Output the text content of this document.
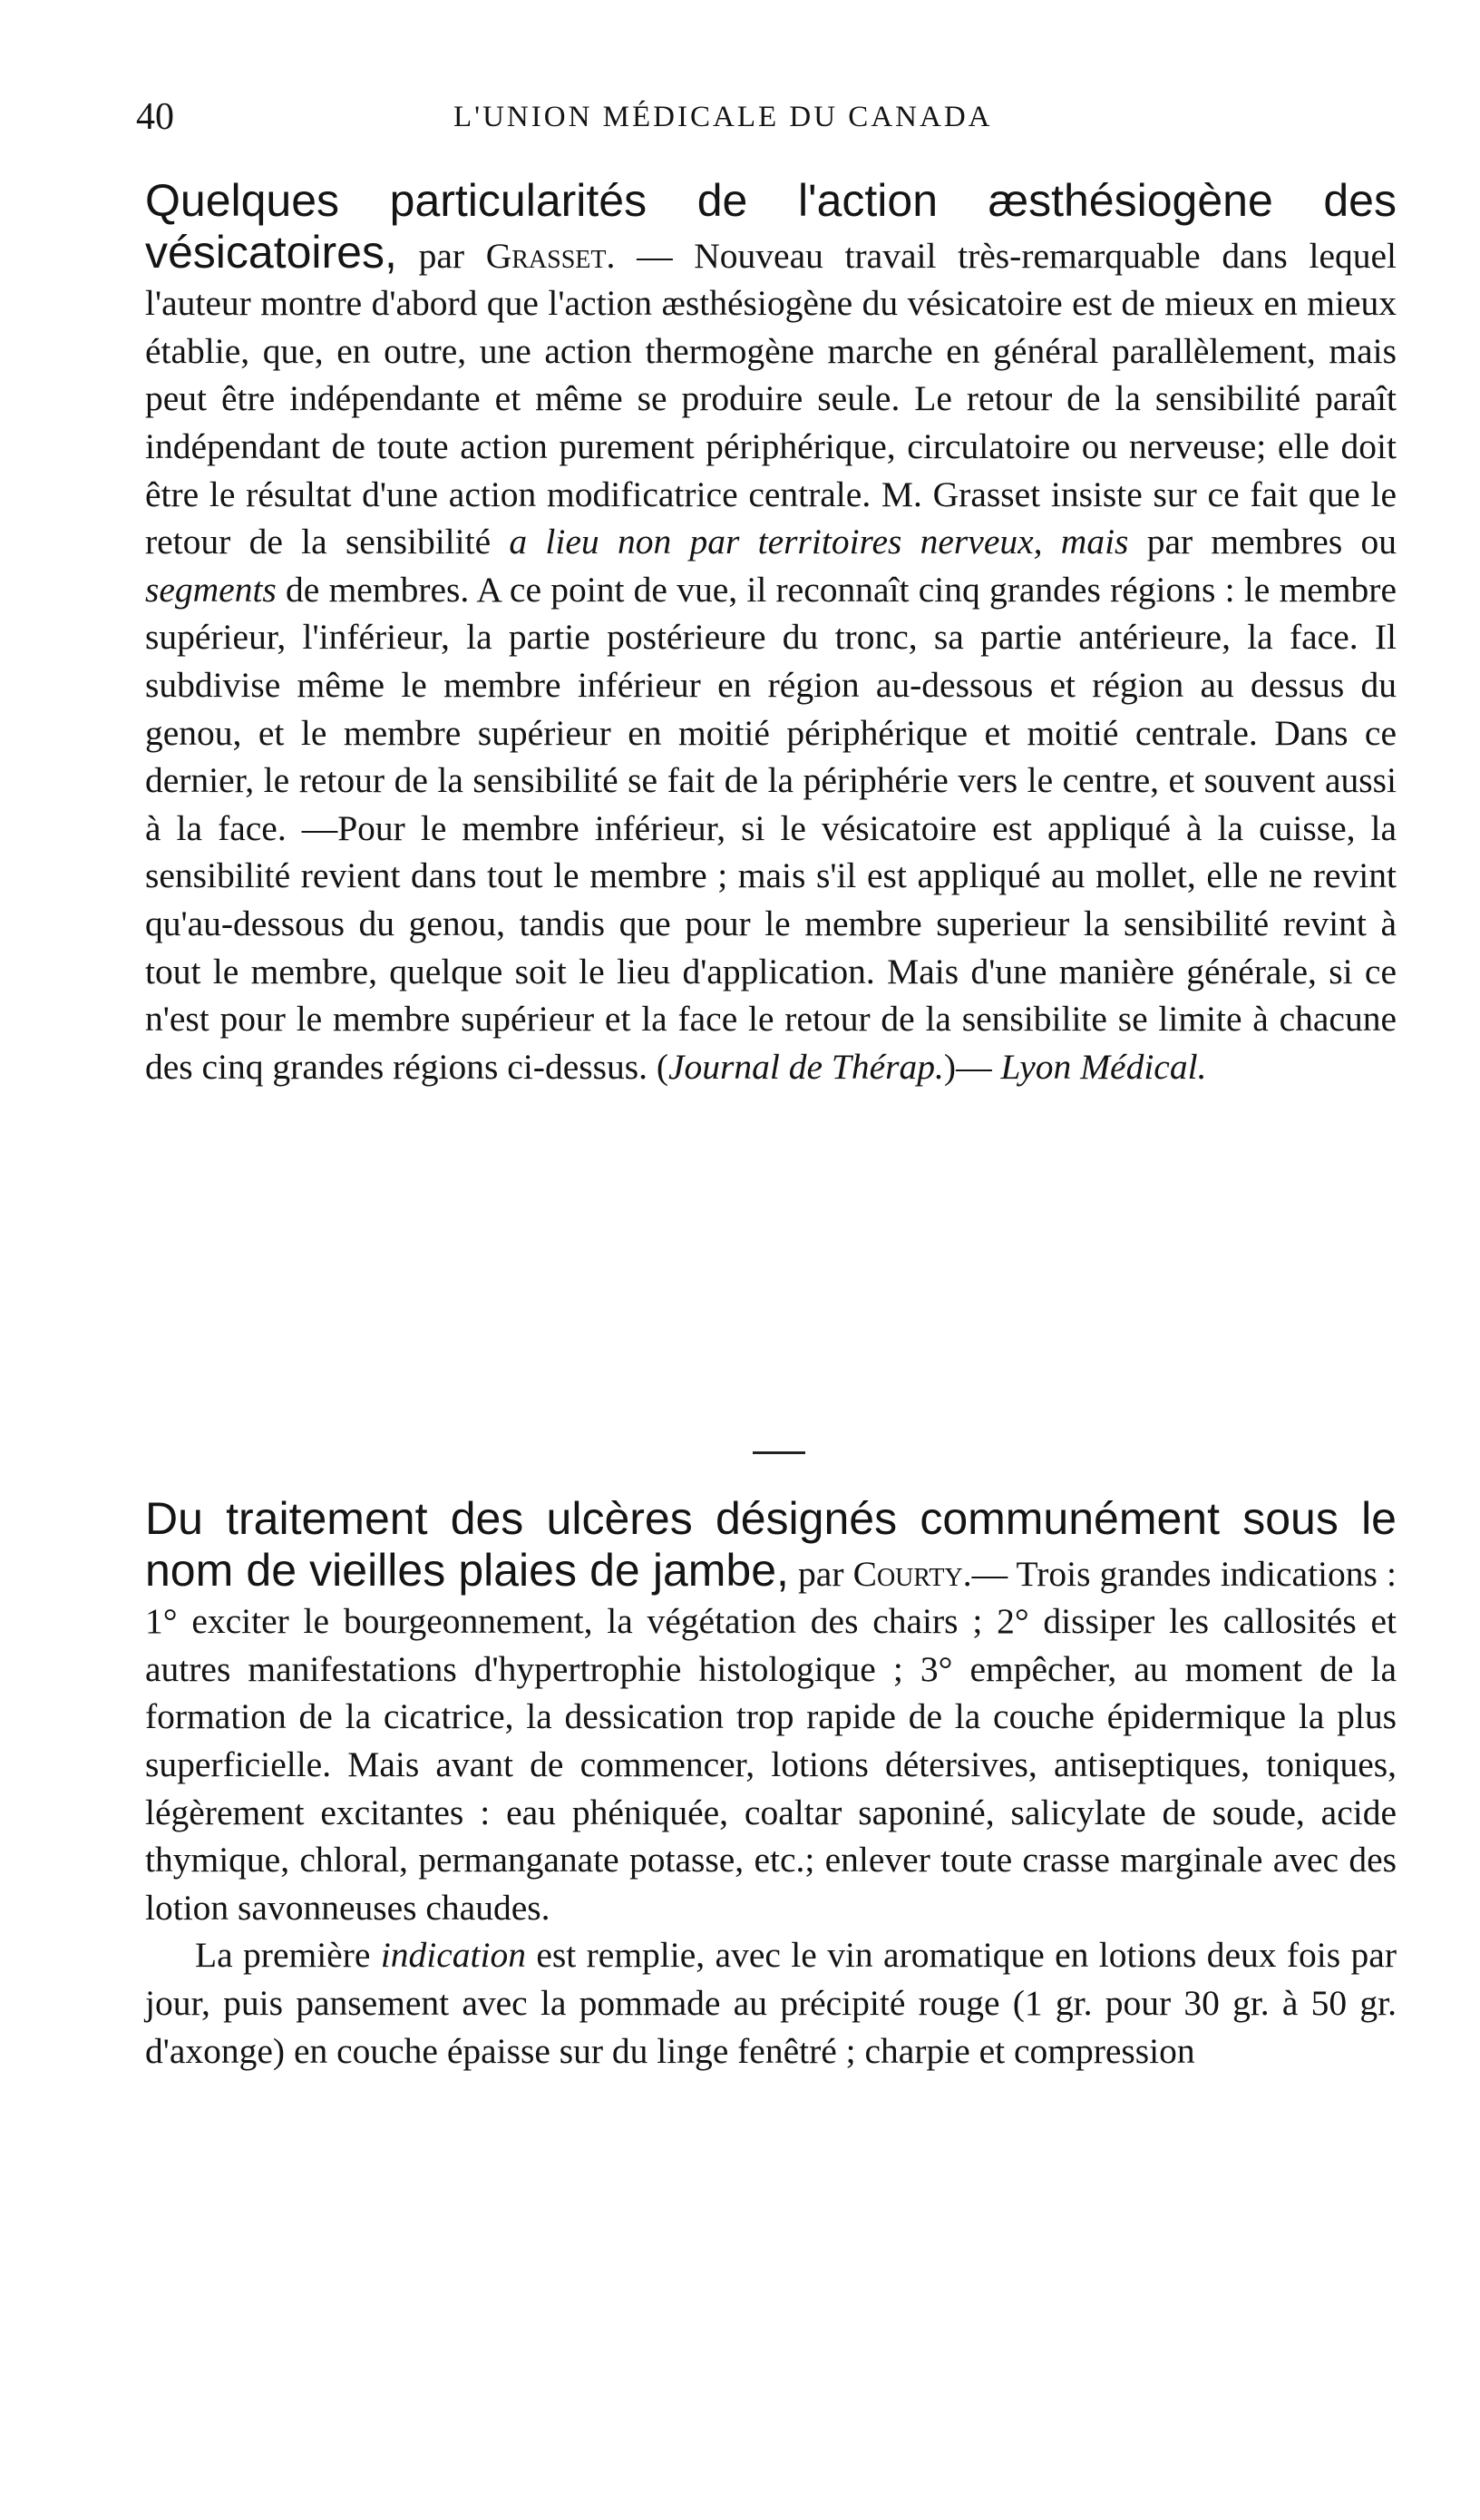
40	L'UNION MÉDICALE DU CANADA

Quelques particularités de l'action æsthésiogène des vésicatoires, par Grasset. — Nouveau travail très-remarquable dans lequel l'auteur montre d'abord que l'action æsthésiogène du vésicatoire est de mieux en mieux établie, que, en outre, une action thermogène marche en général parallèlement, mais peut être indépendante et même se produire seule. Le retour de la sensibilité paraît indépendant de toute action purement périphérique, circulatoire ou nerveuse; elle doit être le résultat d'une action modificatrice centrale. M. Grasset insiste sur ce fait que le retour de la sensibilité a lieu non par territoires nerveux, mais par membres ou segments de membres. A ce point de vue, il reconnaît cinq grandes régions : le membre supérieur, l'inférieur, la partie postérieure du tronc, sa partie antérieure, la face. Il subdivise même le membre inférieur en région au-dessous et région au dessus du genou, et le membre supérieur en moitié périphérique et moitié centrale. Dans ce dernier, le retour de la sensibilité se fait de la périphérie vers le centre, et souvent aussi à la face. —Pour le membre inférieur, si le vésicatoire est appliqué à la cuisse, la sensibilité revient dans tout le membre ; mais s'il est appliqué au mollet, elle ne revint qu'au-dessous du genou, tandis que pour le membre superieur la sensibilité revint à tout le membre, quelque soit le lieu d'application. Mais d'une manière générale, si ce n'est pour le membre supérieur et la face le retour de la sensibilite se limite à chacune des cinq grandes régions ci-dessus. (Journal de Thérap.)— Lyon Médical.

Du traitement des ulcères désignés communément sous le nom de vieilles plaies de jambe, par Courty.— Trois grandes indications : 1° exciter le bourgeonnement, la végétation des chairs ; 2° dissiper les callosités et autres manifestations d'hypertrophie histologique ; 3° empêcher, au moment de la formation de la cicatrice, la dessication trop rapide de la couche épidermique la plus superficielle. Mais avant de commencer, lotions détersives, antiseptiques, toniques, légèrement excitantes : eau phéniquée, coaltar saponiné, salicylate de soude, acide thymique, chloral, permanganate potasse, etc.; enlever toute crasse marginale avec des lotion savonneuses chaudes.

La première indication est remplie, avec le vin aromatique en lotions deux fois par jour, puis pansement avec la pommade au précipité rouge (1 gr. pour 30 gr. à 50 gr. d'axonge) en couche épaisse sur du linge fenêtré ; charpie et compression
